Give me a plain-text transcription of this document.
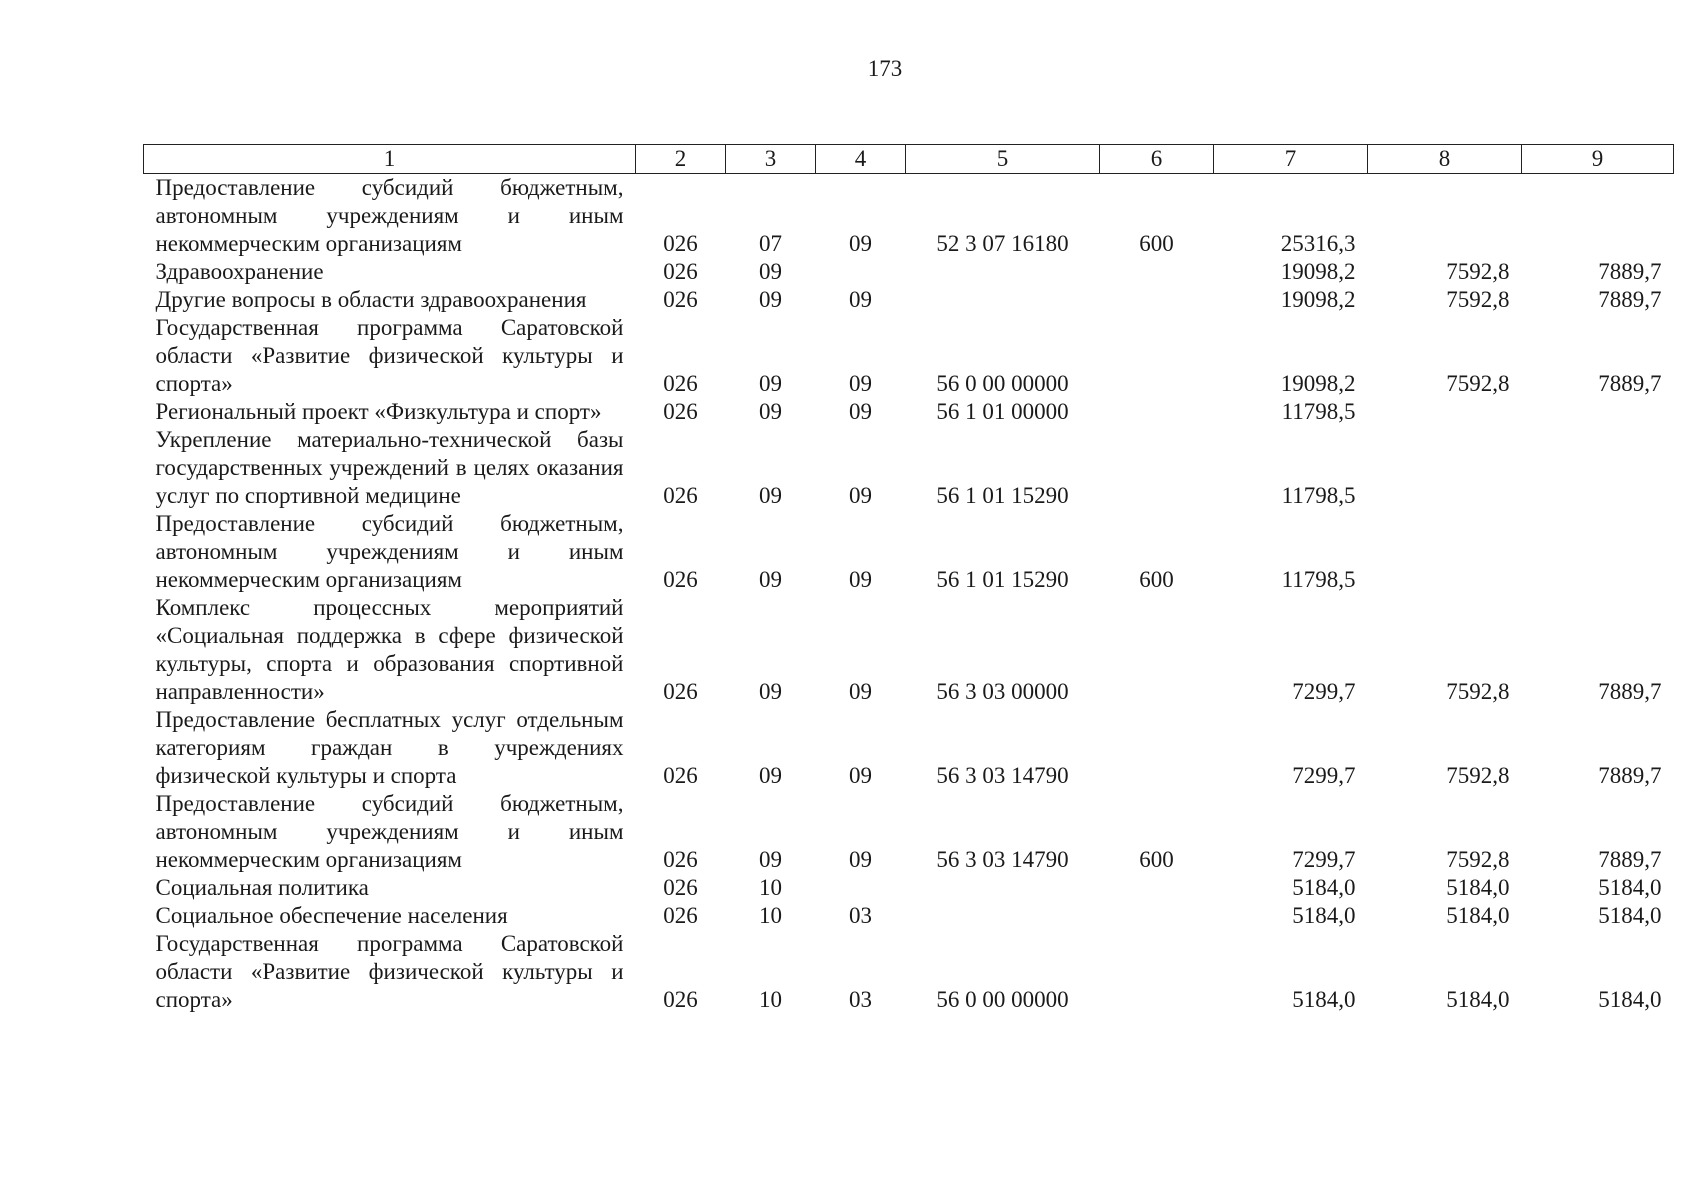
173
1	2	3	4	5	6	7	8	9
Предоставление субсидий бюджетным, автономным учреждениям и иным некоммерческим организациям	026	07	09	52 3 07 16180	600	25316,3		
Здравоохранение	026	09				19098,2	7592,8	7889,7
Другие вопросы в области здравоохранения	026	09	09			19098,2	7592,8	7889,7
Государственная программа Саратовской области «Развитие физической культуры и спорта»	026	09	09	56 0 00 00000		19098,2	7592,8	7889,7
Региональный проект «Физкультура и спорт»	026	09	09	56 1 01 00000		11798,5		
Укрепление материально-технической базы государственных учреждений в целях оказания услуг по спортивной медицине	026	09	09	56 1 01 15290		11798,5		
Предоставление субсидий бюджетным, автономным учреждениям и иным некоммерческим организациям	026	09	09	56 1 01 15290	600	11798,5		
Комплекс процессных мероприятий «Социальная поддержка в сфере физической культуры, спорта и образования спортивной направленности»	026	09	09	56 3 03 00000		7299,7	7592,8	7889,7
Предоставление бесплатных услуг отдельным категориям граждан в учреждениях физической культуры и спорта	026	09	09	56 3 03 14790		7299,7	7592,8	7889,7
Предоставление субсидий бюджетным, автономным учреждениям и иным некоммерческим организациям	026	09	09	56 3 03 14790	600	7299,7	7592,8	7889,7
Социальная политика	026	10				5184,0	5184,0	5184,0
Социальное обеспечение населения	026	10	03			5184,0	5184,0	5184,0
Государственная программа Саратовской области «Развитие физической культуры и спорта»	026	10	03	56 0 00 00000		5184,0	5184,0	5184,0
